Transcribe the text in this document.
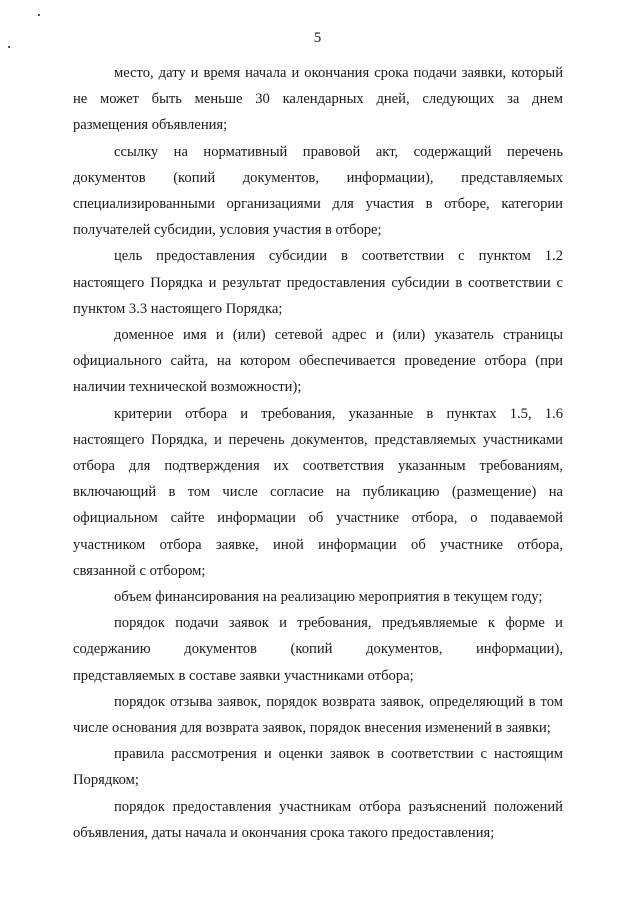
5
место, дату и время начала и окончания срока подачи заявки, который
не может быть меньше 30 календарных дней, следующих за днем
размещения объявления;
ссылку на нормативный правовой акт, содержащий перечень
документов (копий документов, информации), представляемых
специализированными организациями для участия в отборе, категории
получателей субсидии, условия участия в отборе;
цель предоставления субсидии в соответствии с пунктом 1.2
настоящего Порядка и результат предоставления субсидии в соответствии с
пунктом 3.3 настоящего Порядка;
доменное имя и (или) сетевой адрес и (или) указатель страницы
официального сайта, на котором обеспечивается проведение отбора (при
наличии технической возможности);
критерии отбора и требования, указанные в пунктах 1.5, 1.6
настоящего Порядка, и перечень документов, представляемых участниками
отбора для подтверждения их соответствия указанным требованиям,
включающий в том числе согласие на публикацию (размещение) на
официальном сайте информации об участнике отбора, о подаваемой
участником отбора заявке, иной информации об участнике отбора,
связанной с отбором;
объем финансирования на реализацию мероприятия в текущем году;
порядок подачи заявок и требования, предъявляемые к форме и
содержанию документов (копий документов, информации),
представляемых в составе заявки участниками отбора;
порядок отзыва заявок, порядок возврата заявок, определяющий в том
числе основания для возврата заявок, порядок внесения изменений в заявки;
правила рассмотрения и оценки заявок в соответствии с настоящим
Порядком;
порядок предоставления участникам отбора разъяснений положений
объявления, даты начала и окончания срока такого предоставления;
